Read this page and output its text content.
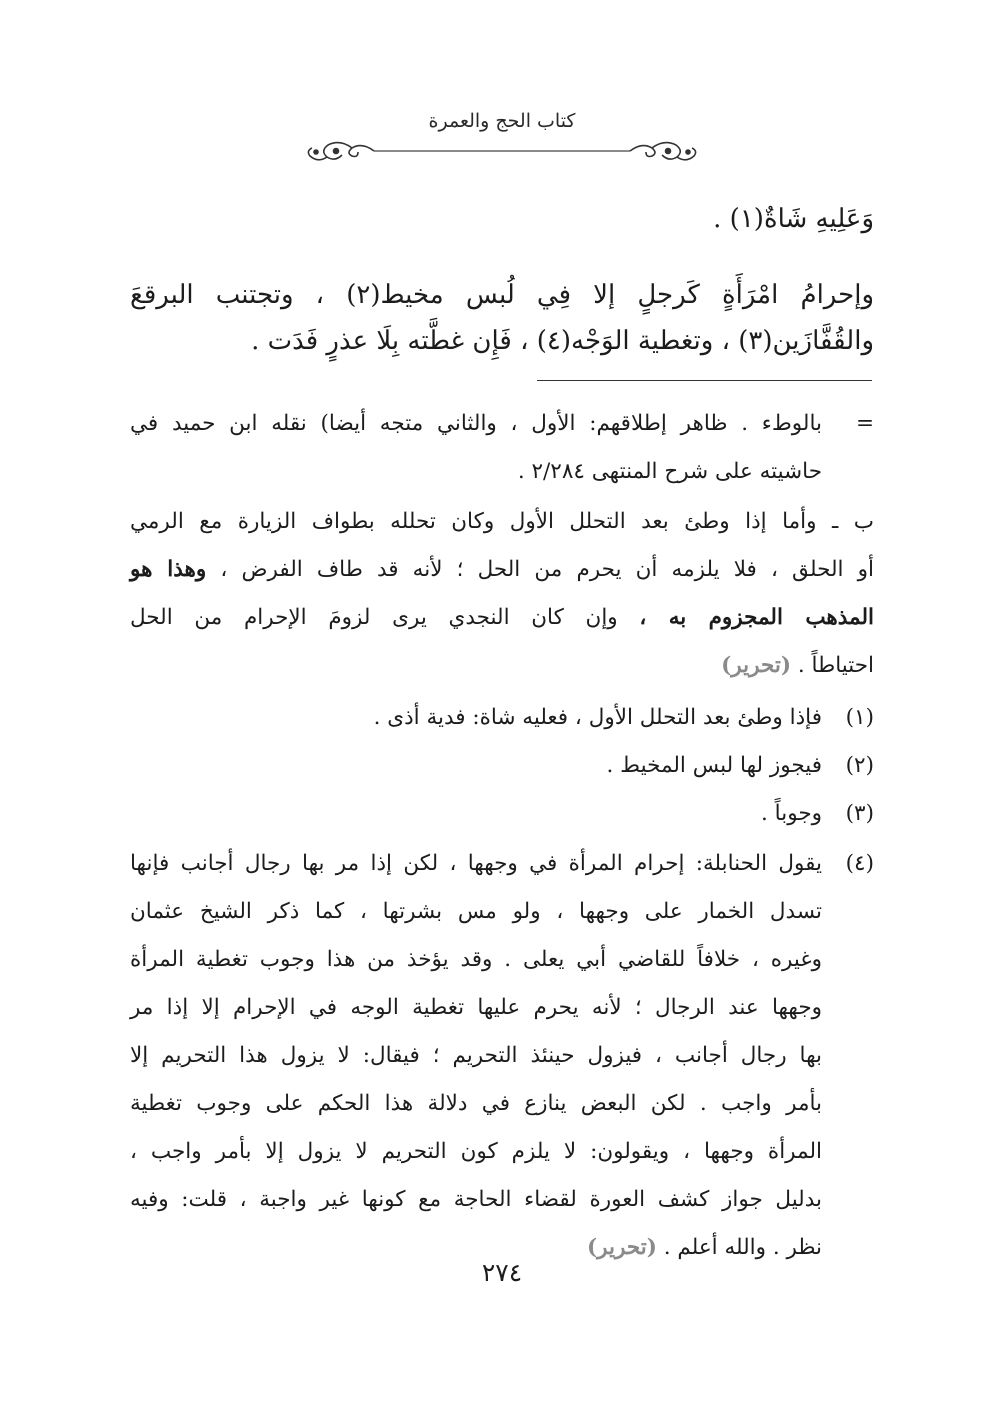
كتاب الحج والعمرة
وَعَلِيهِ شَاةٌ(١) .
وإحرامُ امْرَأَةٍ كَرجلٍ إلا فِي لُبس مخيط(٢) ، وتجتنب البرقعَ
والقُفَّازَين(٣) ، وتغطية الوَجْه(٤) ، فَإِن غطَّته بِلَا عذرٍ فَدَت .
=
بالوطء . ظاهر إطلاقهم: الأول ، والثاني متجه أيضا) نقله ابن حميد في
حاشيته على شرح المنتهى ٢/٢٨٤ .
ب ـ وأما إذا وطئ بعد التحلل الأول وكان تحلله بطواف الزيارة مع الرمي
أو الحلق ، فلا يلزمه أن يحرم من الحل ؛ لأنه قد طاف الفرض ، وهذا هو
المذهب المجزوم به ، وإن كان النجدي يرى لزومَ الإحرام من الحل
احتياطاً . (تحرير)
(١)
فإذا وطئ بعد التحلل الأول ، فعليه شاة: فدية أذى .
(٢)
فيجوز لها لبس المخيط .
(٣)
وجوباً .
(٤)
يقول الحنابلة: إحرام المرأة في وجهها ، لكن إذا مر بها رجال أجانب فإنها
تسدل الخمار على وجهها ، ولو مس بشرتها ، كما ذكر الشيخ عثمان
وغيره ، خلافاً للقاضي أبي يعلى . وقد يؤخذ من هذا وجوب تغطية المرأة
وجهها عند الرجال ؛ لأنه يحرم عليها تغطية الوجه في الإحرام إلا إذا مر
بها رجال أجانب ، فيزول حينئذ التحريم ؛ فيقال: لا يزول هذا التحريم إلا
بأمر واجب . لكن البعض ينازع في دلالة هذا الحكم على وجوب تغطية
المرأة وجهها ، ويقولون: لا يلزم كون التحريم لا يزول إلا بأمر واجب ،
بدليل جواز كشف العورة لقضاء الحاجة مع كونها غير واجبة ، قلت: وفيه
نظر . والله أعلم . (تحرير)
٢٧٤
